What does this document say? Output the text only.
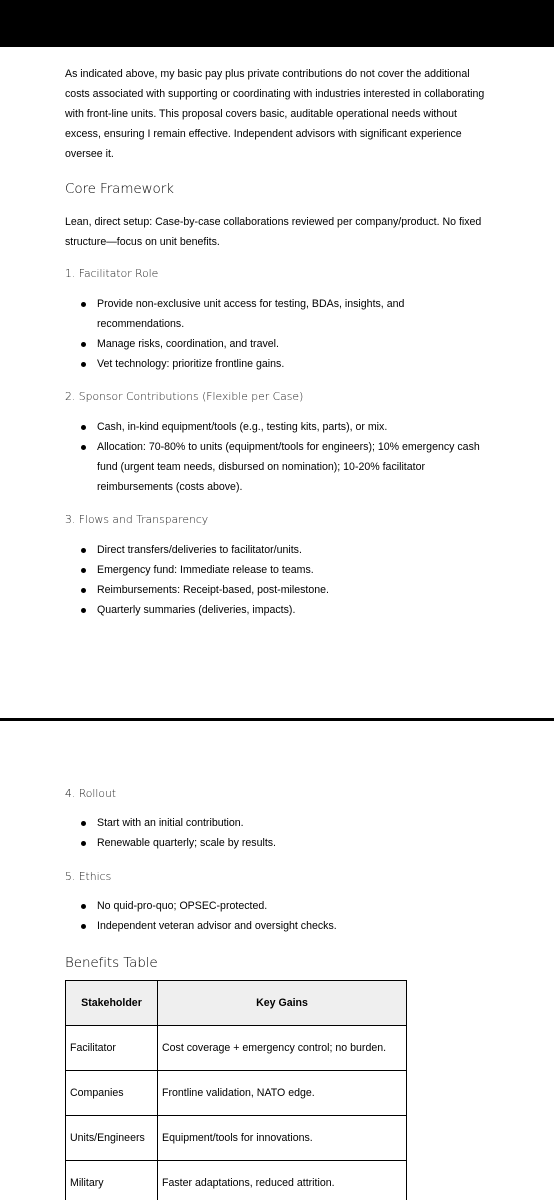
As indicated above, my basic pay plus private contributions do not cover the additional costs associated with supporting or coordinating with industries interested in collaborating with front-line units. This proposal covers basic, auditable operational needs without excess, ensuring I remain effective. Independent advisors with significant experience oversee it.

Core Framework

Lean, direct setup: Case-by-case collaborations reviewed per company/product. No fixed structure—focus on unit benefits.

1. Facilitator Role
Provide non-exclusive unit access for testing, BDAs, insights, and recommendations.
Manage risks, coordination, and travel.
Vet technology: prioritize frontline gains.
2. Sponsor Contributions (Flexible per Case)
Cash, in-kind equipment/tools (e.g., testing kits, parts), or mix.
Allocation: 70-80% to units (equipment/tools for engineers); 10% emergency cash fund (urgent team needs, disbursed on nomination); 10-20% facilitator reimbursements (costs above).
3. Flows and Transparency
Direct transfers/deliveries to facilitator/units.
Emergency fund: Immediate release to teams.
Reimbursements: Receipt-based, post-milestone.
Quarterly summaries (deliveries, impacts).
4. Rollout
Start with an initial contribution.
Renewable quarterly; scale by results.
5. Ethics
No quid-pro-quo; OPSEC-protected.
Independent veteran advisor and oversight checks.
Benefits Table
Stakeholder	Key Gains
Facilitator	Cost coverage + emergency control; no burden.
Companies	Frontline validation, NATO edge.
Units/Engineers	Equipment/tools for innovations.
Military	Faster adaptations, reduced attrition.
